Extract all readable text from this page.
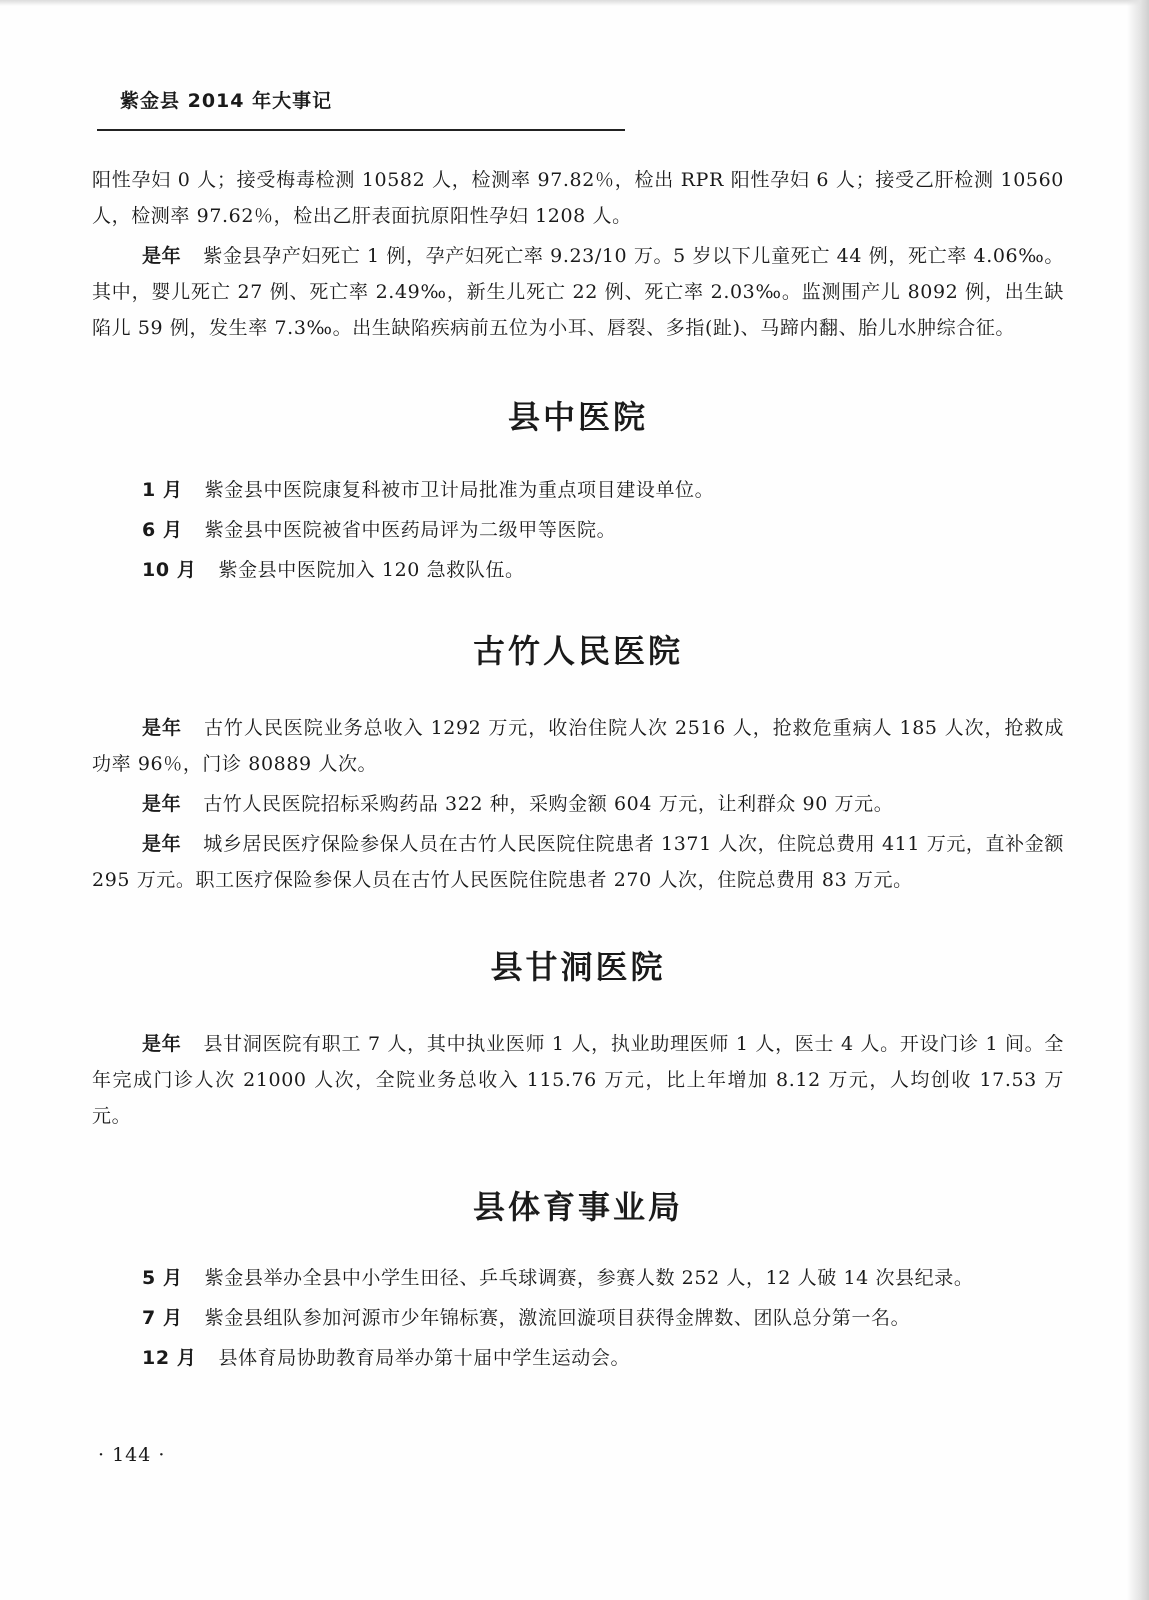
紫金县 2014 年大事记

阳性孕妇 0 人；接受梅毒检测 10582 人，检测率 97.82％，检出 RPR 阳性孕妇 6 人；接受乙肝检测 10560 人，检测率 97.62％，检出乙肝表面抗原阳性孕妇 1208 人。

是年 紫金县孕产妇死亡 1 例，孕产妇死亡率 9.23/10 万。5 岁以下儿童死亡 44 例，死亡率 4.06‰。其中，婴儿死亡 27 例、死亡率 2.49‰，新生儿死亡 22 例、死亡率 2.03‰。监测围产儿 8092 例，出生缺陷儿 59 例，发生率 7.3‰。出生缺陷疾病前五位为小耳、唇裂、多指(趾)、马蹄内翻、胎儿水肿综合征。

县中医院

1 月 紫金县中医院康复科被市卫计局批准为重点项目建设单位。

6 月 紫金县中医院被省中医药局评为二级甲等医院。

10 月 紫金县中医院加入 120 急救队伍。

古竹人民医院

是年 古竹人民医院业务总收入 1292 万元，收治住院人次 2516 人，抢救危重病人 185 人次，抢救成功率 96％，门诊 80889 人次。

是年 古竹人民医院招标采购药品 322 种，采购金额 604 万元，让利群众 90 万元。

是年 城乡居民医疗保险参保人员在古竹人民医院住院患者 1371 人次，住院总费用 411 万元，直补金额 295 万元。职工医疗保险参保人员在古竹人民医院住院患者 270 人次，住院总费用 83 万元。

县甘洞医院

是年 县甘洞医院有职工 7 人，其中执业医师 1 人，执业助理医师 1 人，医士 4 人。开设门诊 1 间。全年完成门诊人次 21000 人次，全院业务总收入 115.76 万元，比上年增加 8.12 万元，人均创收 17.53 万元。

县体育事业局

5 月 紫金县举办全县中小学生田径、乒乓球调赛，参赛人数 252 人，12 人破 14 次县纪录。

7 月 紫金县组队参加河源市少年锦标赛，激流回漩项目获得金牌数、团队总分第一名。

12 月 县体育局协助教育局举办第十届中学生运动会。

· 144 ·
